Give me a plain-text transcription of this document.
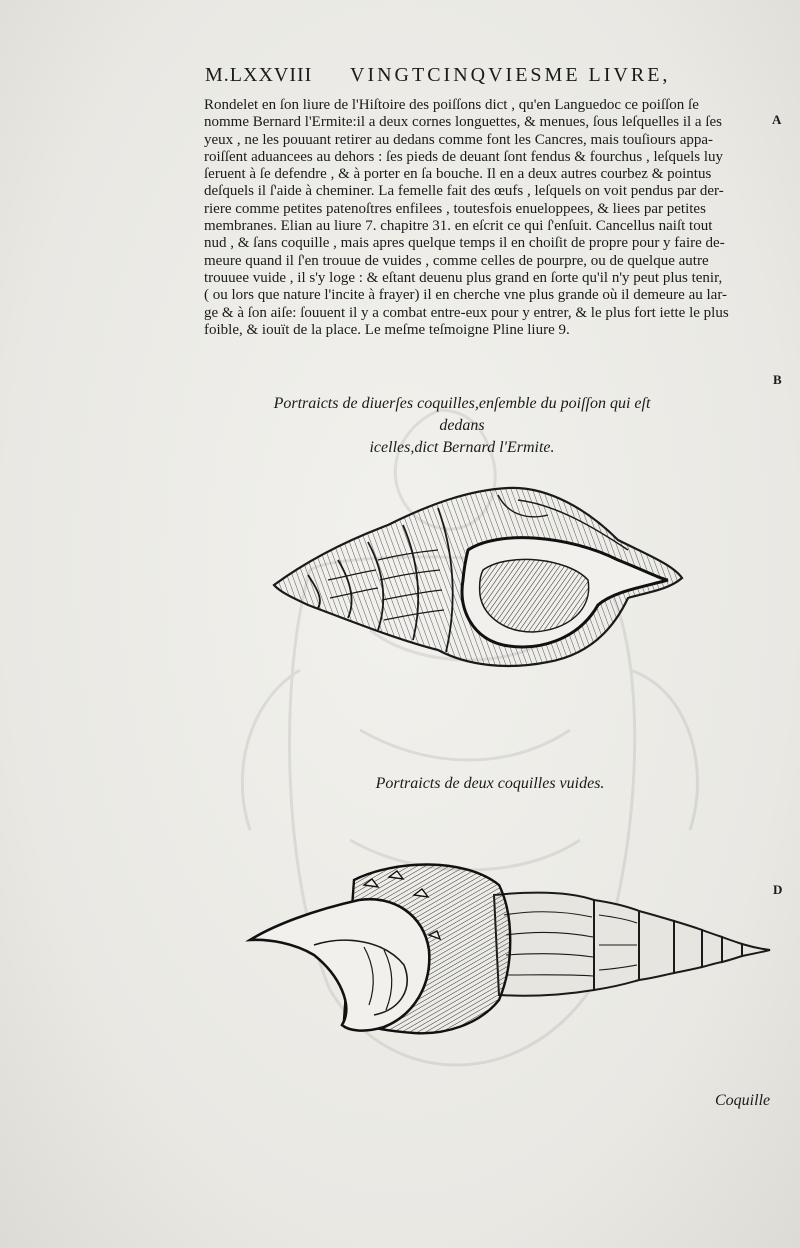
M.LXXVIII VINGTCINQVIESME LIVRE,
Rondelet en ſon liure de l'Hiſtoire des poiſſons dict , qu'en Languedoc ce poiſſon ſe
nomme Bernard l'Ermite:il a deux cornes longuettes, & menues, ſous leſquelles il a ſes
yeux , ne les pouuant retirer au dedans comme font les Cancres, mais touſiours appa-
roiſſent aduancees au dehors : ſes pieds de deuant ſont fendus & fourchus , leſquels luy
ſeruent à ſe defendre , & à porter en ſa bouche. Il en a deux autres courbez & pointus
deſquels il ſ'aide à cheminer. La femelle fait des œufs , leſquels on voit pendus par der-
riere comme petites patenoſtres enfilees , toutesfois enueloppees, & liees par petites
membranes. Elian au liure 7. chapitre 31. en eſcrit ce qui ſ'enſuit. Cancellus naiſt tout
nud , & ſans coquille , mais apres quelque temps il en choiſit de propre pour y faire de-
meure quand il ſ'en trouue de vuides , comme celles de pourpre, ou de quelque autre
trouuee vuide , il s'y loge : & eſtant deuenu plus grand en ſorte qu'il n'y peut plus tenir,
( ou lors que nature l'incite à frayer) il en cherche vne plus grande où il demeure au lar-
ge & à ſon aiſe: ſouuent il y a combat entre-eux pour y entrer, & le plus fort iette le plus
foible, & iouït de la place. Le meſme teſmoigne Pline liure 9.
A
B
D
Portraicts de diuerſes coquilles,enſemble du poiſſon qui eſt dedans
icelles,dict Bernard l'Ermite.
Portraicts de deux coquilles vuides.
Coquille
